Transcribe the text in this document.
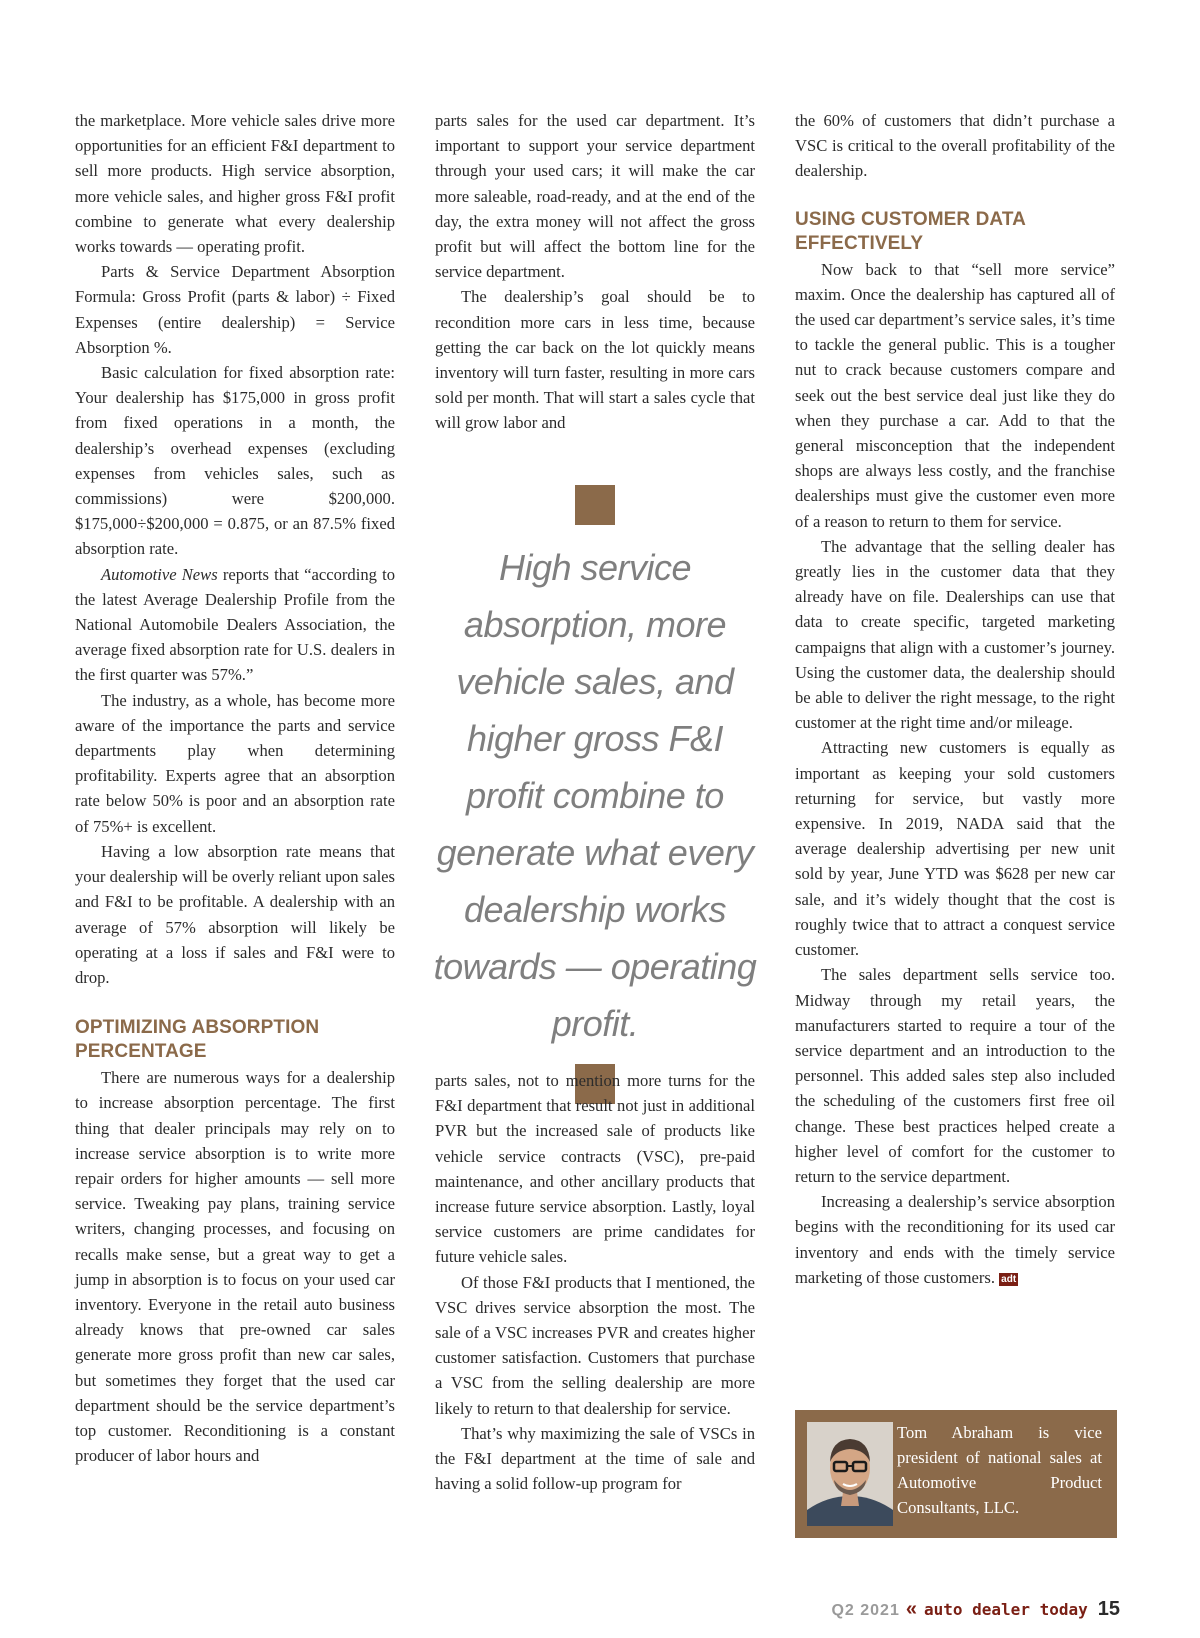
the marketplace. More vehicle sales drive more opportunities for an efficient F&I department to sell more products. High service absorption, more vehicle sales, and higher gross F&I profit combine to generate what every dealership works towards — operating profit.

Parts & Service Department Absorption Formula: Gross Profit (parts & labor) ÷ Fixed Expenses (entire dealership) = Service Absorption %.

Basic calculation for fixed absorption rate: Your dealership has $175,000 in gross profit from fixed operations in a month, the dealership’s overhead expenses (excluding expenses from vehicles sales, such as commissions) were $200,000. $175,000÷$200,000 = 0.875, or an 87.5% fixed absorption rate.

Automotive News reports that “according to the latest Average Dealership Profile from the National Automobile Dealers Association, the average fixed absorption rate for U.S. dealers in the first quarter was 57%.”

The industry, as a whole, has become more aware of the importance the parts and service departments play when determining profitability. Experts agree that an absorption rate below 50% is poor and an absorption rate of 75%+ is excellent.

Having a low absorption rate means that your dealership will be overly reliant upon sales and F&I to be profitable. A dealership with an average of 57% absorption will likely be operating at a loss if sales and F&I were to drop.

OPTIMIZING ABSORPTION PERCENTAGE

There are numerous ways for a dealership to increase absorption percentage. The first thing that dealer principals may rely on to increase service absorption is to write more repair orders for higher amounts — sell more service. Tweaking pay plans, training service writers, changing processes, and focusing on recalls make sense, but a great way to get a jump in absorption is to focus on your used car inventory. Everyone in the retail auto business already knows that pre-owned car sales generate more gross profit than new car sales, but sometimes they forget that the used car department should be the service department’s top customer. Reconditioning is a constant producer of labor hours and

parts sales for the used car department. It’s important to support your service department through your used cars; it will make the car more saleable, road-ready, and at the end of the day, the extra money will not affect the gross profit but will affect the bottom line for the service department.

The dealership’s goal should be to recondition more cars in less time, because getting the car back on the lot quickly means inventory will turn faster, resulting in more cars sold per month. That will start a sales cycle that will grow labor and

High service absorption, more vehicle sales, and higher gross F&I profit combine to generate what every dealership works towards — operating profit.

parts sales, not to mention more turns for the F&I department that result not just in additional PVR but the increased sale of products like vehicle service contracts (VSC), pre-paid maintenance, and other ancillary products that increase future service absorption. Lastly, loyal service customers are prime candidates for future vehicle sales.

Of those F&I products that I mentioned, the VSC drives service absorption the most. The sale of a VSC increases PVR and creates higher customer satisfaction. Customers that purchase a VSC from the selling dealership are more likely to return to that dealership for service.

That’s why maximizing the sale of VSCs in the F&I department at the time of sale and having a solid follow-up program for

the 60% of customers that didn’t purchase a VSC is critical to the overall profitability of the dealership.

USING CUSTOMER DATA EFFECTIVELY

Now back to that “sell more service” maxim. Once the dealership has captured all of the used car department’s service sales, it’s time to tackle the general public. This is a tougher nut to crack because customers compare and seek out the best service deal just like they do when they purchase a car. Add to that the general misconception that the independent shops are always less costly, and the franchise dealerships must give the customer even more of a reason to return to them for service.

The advantage that the selling dealer has greatly lies in the customer data that they already have on file. Dealerships can use that data to create specific, targeted marketing campaigns that align with a customer’s journey. Using the customer data, the dealership should be able to deliver the right message, to the right customer at the right time and/or mileage.

Attracting new customers is equally as important as keeping your sold customers returning for service, but vastly more expensive. In 2019, NADA said that the average dealership advertising per new unit sold by year, June YTD was $628 per new car sale, and it’s widely thought that the cost is roughly twice that to attract a conquest service customer.

The sales department sells service too. Midway through my retail years, the manufacturers started to require a tour of the service department and an introduction to the personnel. This added sales step also included the scheduling of the customers first free oil change. These best practices helped create a higher level of comfort for the customer to return to the service department.

Increasing a dealership’s service absorption begins with the reconditioning for its used car inventory and ends with the timely service marketing of those customers. adt

Tom Abraham is vice president of national sales at Automotive Product Consultants, LLC.
Q2 2021 « auto dealer today 15
